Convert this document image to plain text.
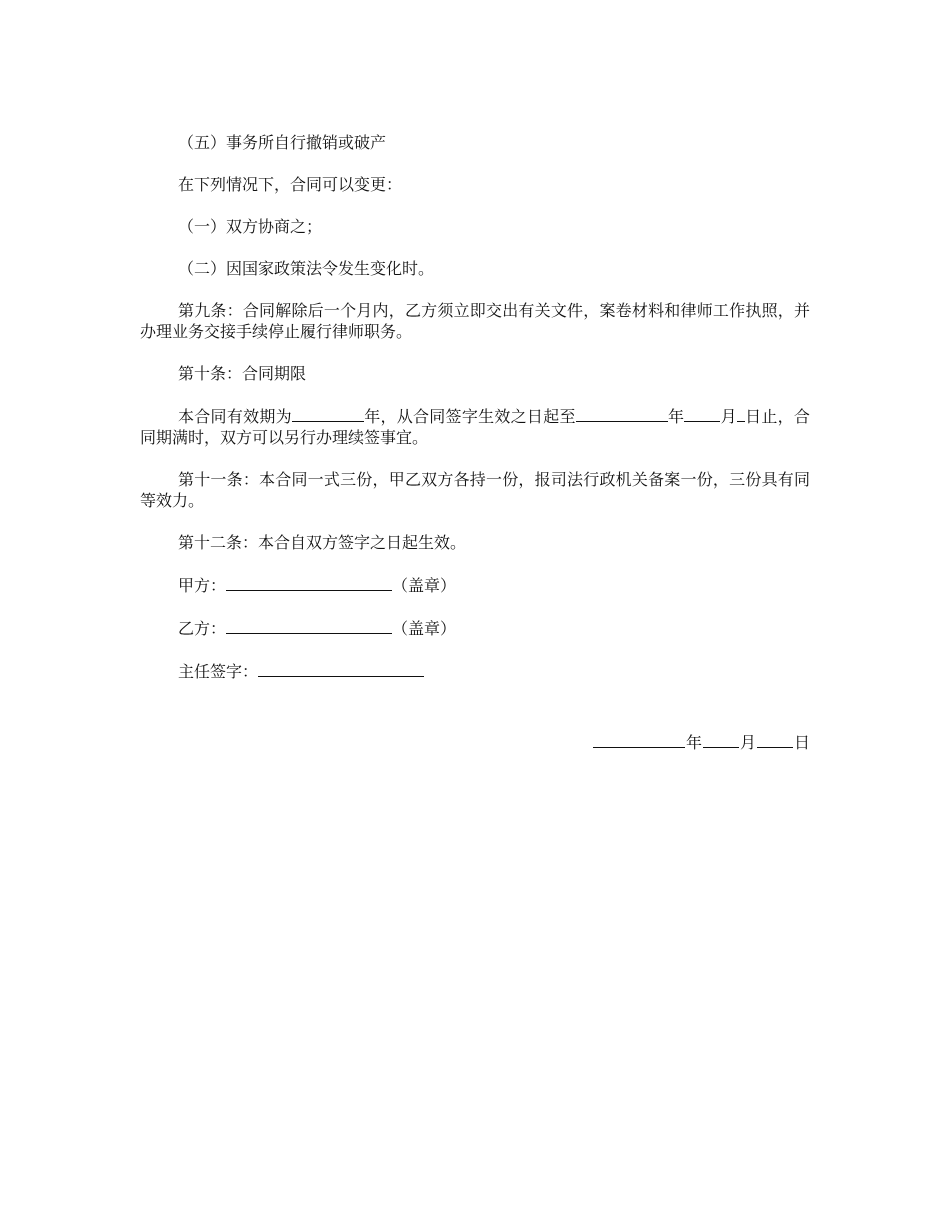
（五）事务所自行撤销或破产

在下列情况下，合同可以变更：

（一）双方协商之；

（二）因国家政策法令发生变化时。

第九条：合同解除后一个月内，乙方须立即交出有关文件，案卷材料和律师工作执照，并办理业务交接手续停止履行律师职务。

第十条：合同期限

本合同有效期为	年，从合同签字生效之日起至	年 月 日止，合同期满时，双方可以另行办理续签事宜。

第十一条：本合同一式三份，甲乙双方各持一份，报司法行政机关备案一份，三份具有同等效力。

第十二条：本合自双方签字之日起生效。

甲方：	（盖章）

乙方：	（盖章）

主任签字：

年 月 日
